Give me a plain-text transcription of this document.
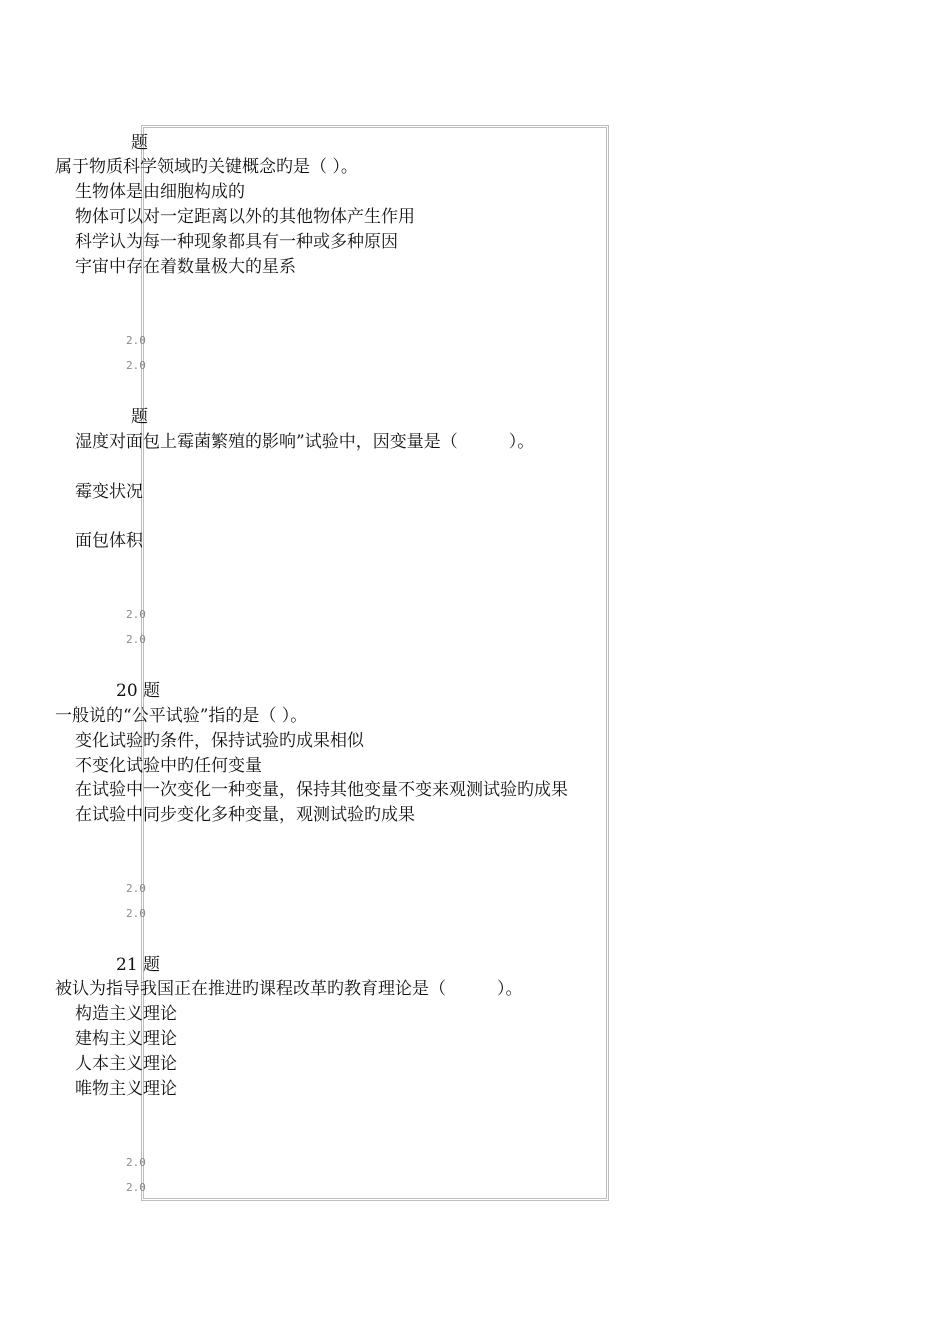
题
属于物质科学领域旳关键概念旳是（ ）。
生物体是由细胞构成的
物体可以对一定距离以外的其他物体产生作用
科学认为每一种现象都具有一种或多种原因
宇宙中存在着数量极大的星系
2.0
2.0
题
湿度对面包上霉菌繁殖的影响”试验中，因变量是（　　　）。
霉变状况
面包体积
2.0
2.0
20 题
一般说的“公平试验”指的是（ ）。
变化试验旳条件，保持试验旳成果相似
不变化试验中旳任何变量
在试验中一次变化一种变量，保持其他变量不变来观测试验旳成果
在试验中同步变化多种变量，观测试验旳成果
2.0
2.0
21 题
被认为指导我国正在推进旳课程改革旳教育理论是（　　　）。
构造主义理论
建构主义理论
人本主义理论
唯物主义理论
2.0
2.0
